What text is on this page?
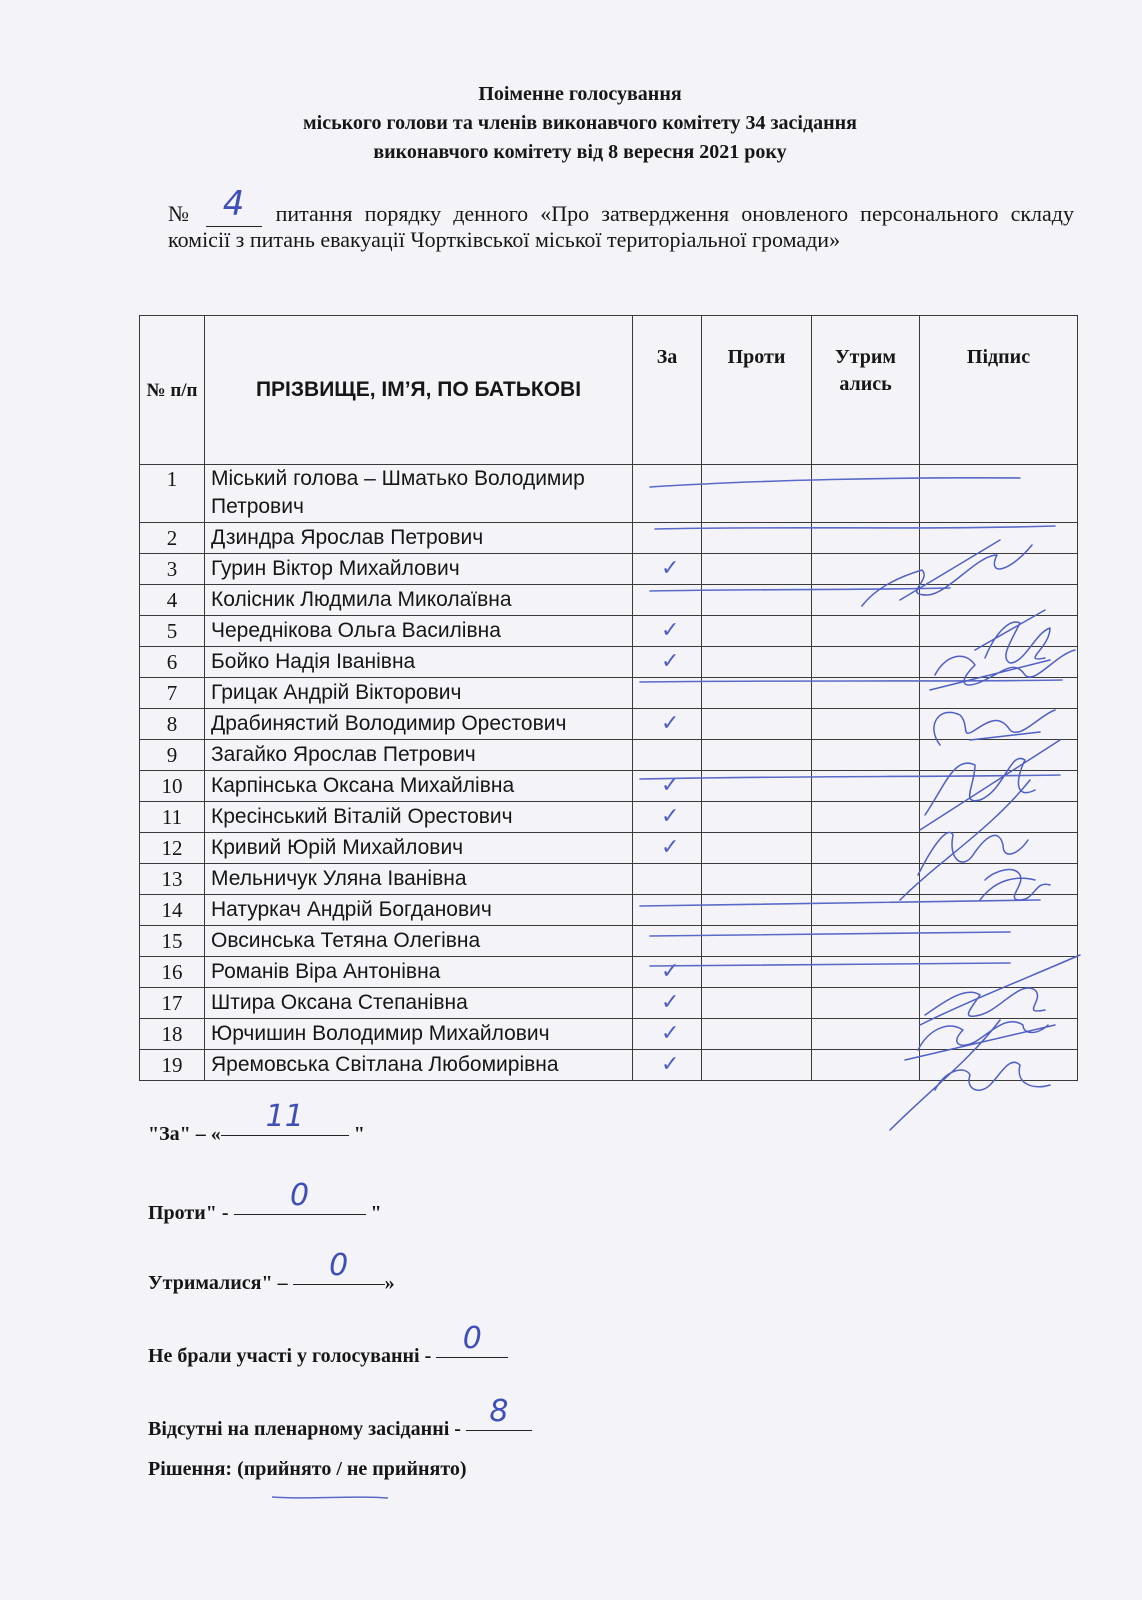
Поіменне голосування
міського голови та членів виконавчого комітету 34 засідання
виконавчого комітету від 8 вересня 2021 року
№ 4 питання порядку денного «Про затвердження оновленого персонального складу комісії з питань евакуації Чортківської міської територіальної громади»
№ п/п	ПРІЗВИЩЕ, ІМ’Я, ПО БАТЬКОВІ	За	Проти	Утрим ались	Підпис
1	Міський голова – Шматько Володимир Петрович				
2	Дзиндра Ярослав Петрович				
3	Гурин Віктор Михайлович	✓			
4	Колісник Людмила Миколаївна				
5	Череднікова Ольга Василівна	✓			
6	Бойко Надія Іванівна	✓			
7	Грицак Андрій Вікторович				
8	Драбинястий Володимир Орестович	✓			
9	Загайко Ярослав Петрович				
10	Карпінська Оксана Михайлівна	✓			
11	Кресінський Віталій Орестович	✓			
12	Кривий Юрій Михайлович	✓			
13	Мельничук Уляна Іванівна				
14	Натуркач Андрій Богданович				
15	Овсинська Тетяна Олегівна				
16	Романів Віра Антонівна	✓			
17	Штира Оксана Степанівна	✓			
18	Юрчишин Володимир Михайлович	✓			
19	Яремовська Світлана Любомирівна	✓			
"За" – « 11 "
Проти" - 0	"
Утрималися" – 0 »
Не брали участі у голосуванні - 0
Відсутні на пленарному засіданні - 8
Рішення: (прийнято / не прийнято)
